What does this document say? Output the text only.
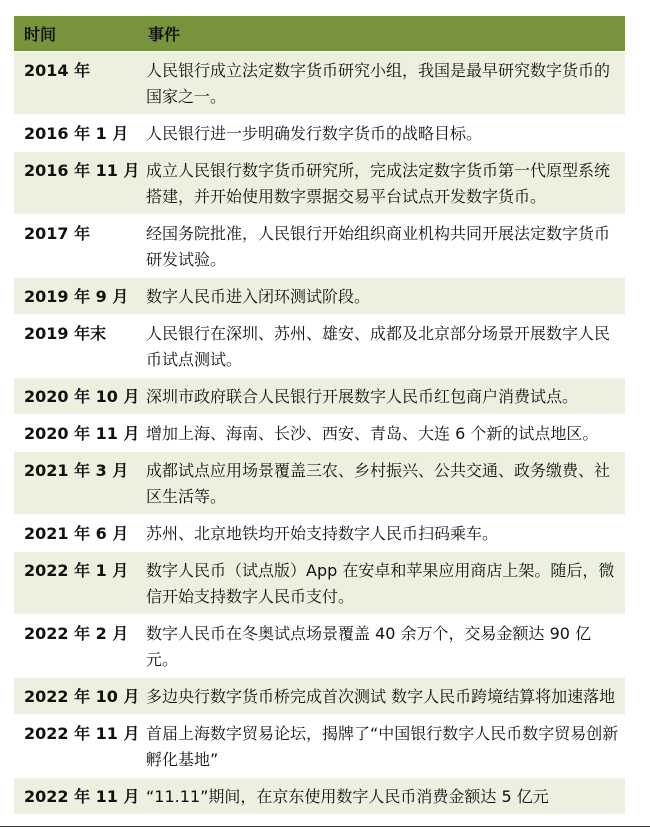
时间	事件
2014 年	人民银行成立法定数字货币研究小组，我国是最早研究数字货币的国家之一。
2016 年 1 月	人民银行进一步明确发行数字货币的战略目标。
2016 年 11 月	成立人民银行数字货币研究所，完成法定数字货币第一代原型系统搭建，并开始使用数字票据交易平台试点开发数字货币。
2017 年	经国务院批准，人民银行开始组织商业机构共同开展法定数字货币研发试验。
2019 年 9 月	数字人民币进入闭环测试阶段。
2019 年末	人民银行在深圳、苏州、雄安、成都及北京部分场景开展数字人民币试点测试。
2020 年 10 月	深圳市政府联合人民银行开展数字人民币红包商户消费试点。
2020 年 11 月	增加上海、海南、长沙、西安、青岛、大连 6 个新的试点地区。
2021 年 3 月	成都试点应用场景覆盖三农、乡村振兴、公共交通、政务缴费、社区生活等。
2021 年 6 月	苏州、北京地铁均开始支持数字人民币扫码乘车。
2022 年 1 月	数字人民币（试点版）App 在安卓和苹果应用商店上架。随后，微信开始支持数字人民币支付。
2022 年 2 月	数字人民币在冬奥试点场景覆盖 40 余万个，交易金额达 90 亿元。
2022 年 10 月	多边央行数字货币桥完成首次测试 数字人民币跨境结算将加速落地
2022 年 11 月	首届上海数字贸易论坛，揭牌了“中国银行数字人民币数字贸易创新孵化基地”
2022 年 11 月	“11.11”期间，在京东使用数字人民币消费金额达 5 亿元
